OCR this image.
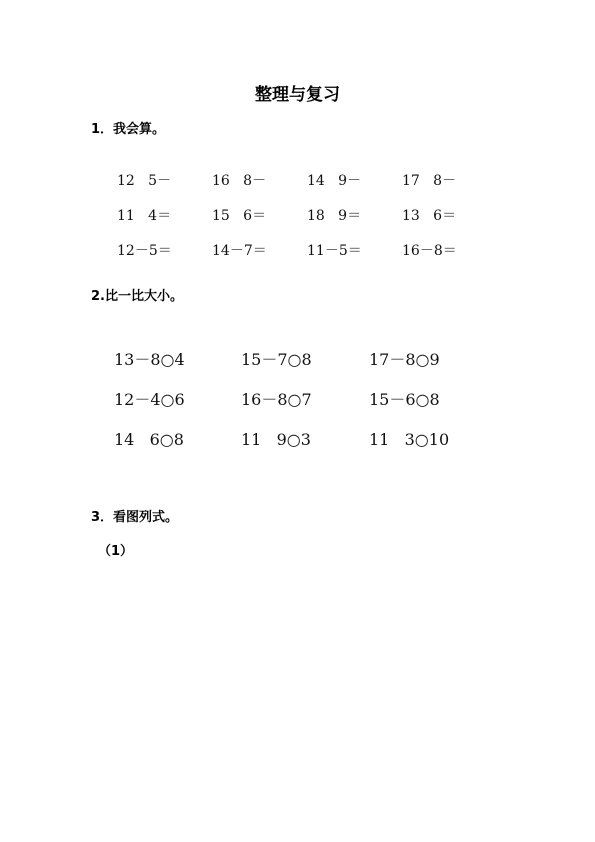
整理与复习
1．我会算。
12   5－	16   8－	14   9－	17   8－
11   4＝	15   6＝	18   9＝	13   6＝
12－5＝	14－7＝	11－5＝	16－8＝
2.比一比大小。
13－8○4	15－7○8	17－8○9
12－4○6	16－8○7	15－6○8
14   6○8	11   9○3	11   3○10
3．看图列式。
（1）
